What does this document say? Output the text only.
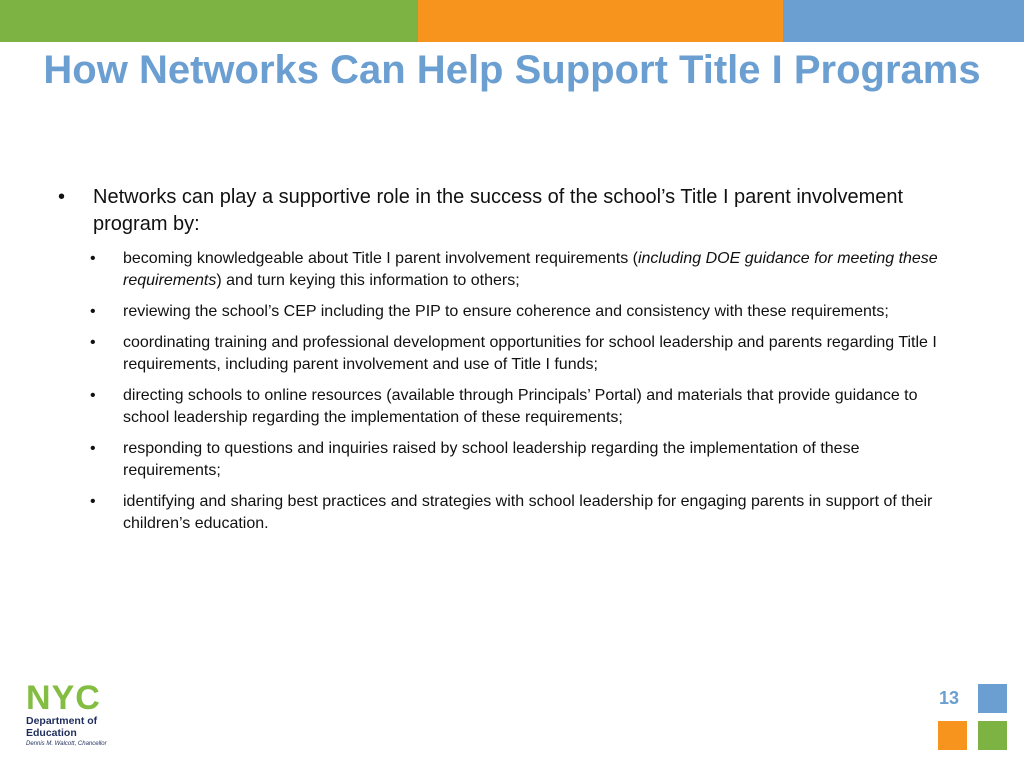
How Networks Can Help Support Title I Programs
•	Networks can play a supportive role in the success of the school’s Title I parent involvement program by:
•	becoming knowledgeable about Title I parent involvement requirements (including DOE guidance for meeting these requirements) and turn keying this information to others;
•	reviewing the school’s CEP including the PIP to ensure coherence and consistency with these requirements;
•	coordinating training and professional development opportunities for school leadership and parents regarding Title I requirements, including parent involvement and use of Title I funds;
•	directing schools to online resources (available through Principals’ Portal) and materials that provide guidance to school leadership regarding the implementation of these requirements;
•	responding to questions and inquiries raised by school leadership regarding the implementation of these requirements;
•	identifying and sharing best practices and strategies with school leadership for engaging parents in support of their children’s education.
N Y C
Department of
Education
Dennis M. Walcott, Chancellor
13
